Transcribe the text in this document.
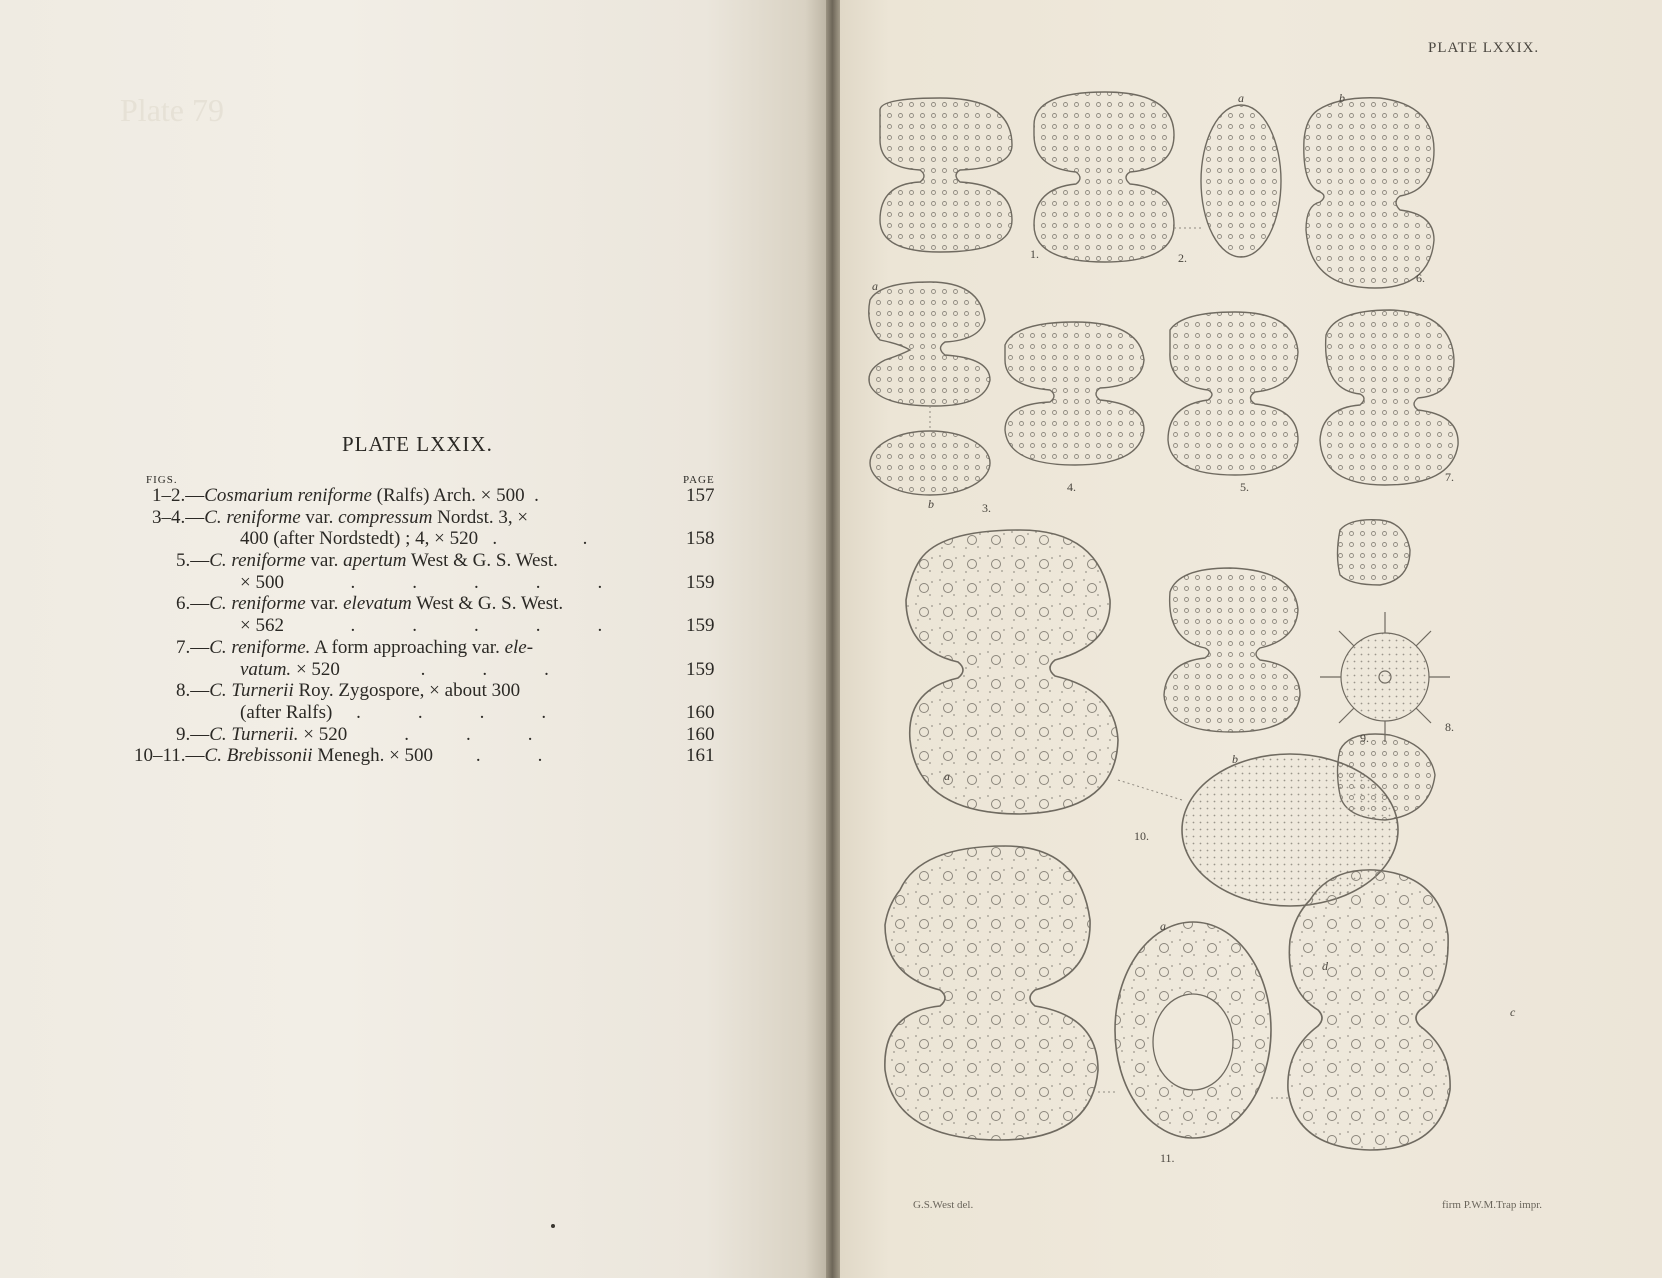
Plate 79
PLATE LXXIX.
FIGS.	PAGE
1–2.—Cosmarium reniforme (Ralfs) Arch. × 500  .	157
3–4.—C. reniforme var. compressum Nordst. 3, ×
400 (after Nordstedt) ; 4, × 520   .                  .	158
5.—C. reniforme var. apertum West & G. S. West.
× 500              .            .            .            .            .	159
6.—C. reniforme var. elevatum West & G. S. West.
× 562              .            .            .            .            .	159
7.—C. reniforme. A form approaching var. ele-
vatum. × 520                 .            .            .	159
8.—C. Turnerii Roy. Zygospore, × about 300
(after Ralfs)     .            .            .            .	160
9.—C. Turnerii. × 520            .            .            .	160
10–11.—C. Brebissonii Menegh. × 500         .            .	161
PLATE LXXIX.
G.S.West del.	firm P.W.M.Trap impr.
1.	2.
6.
3.
4.	5.
7.
8.
9.
10.
11.
a	b
a
b
a
b
a
d
c
